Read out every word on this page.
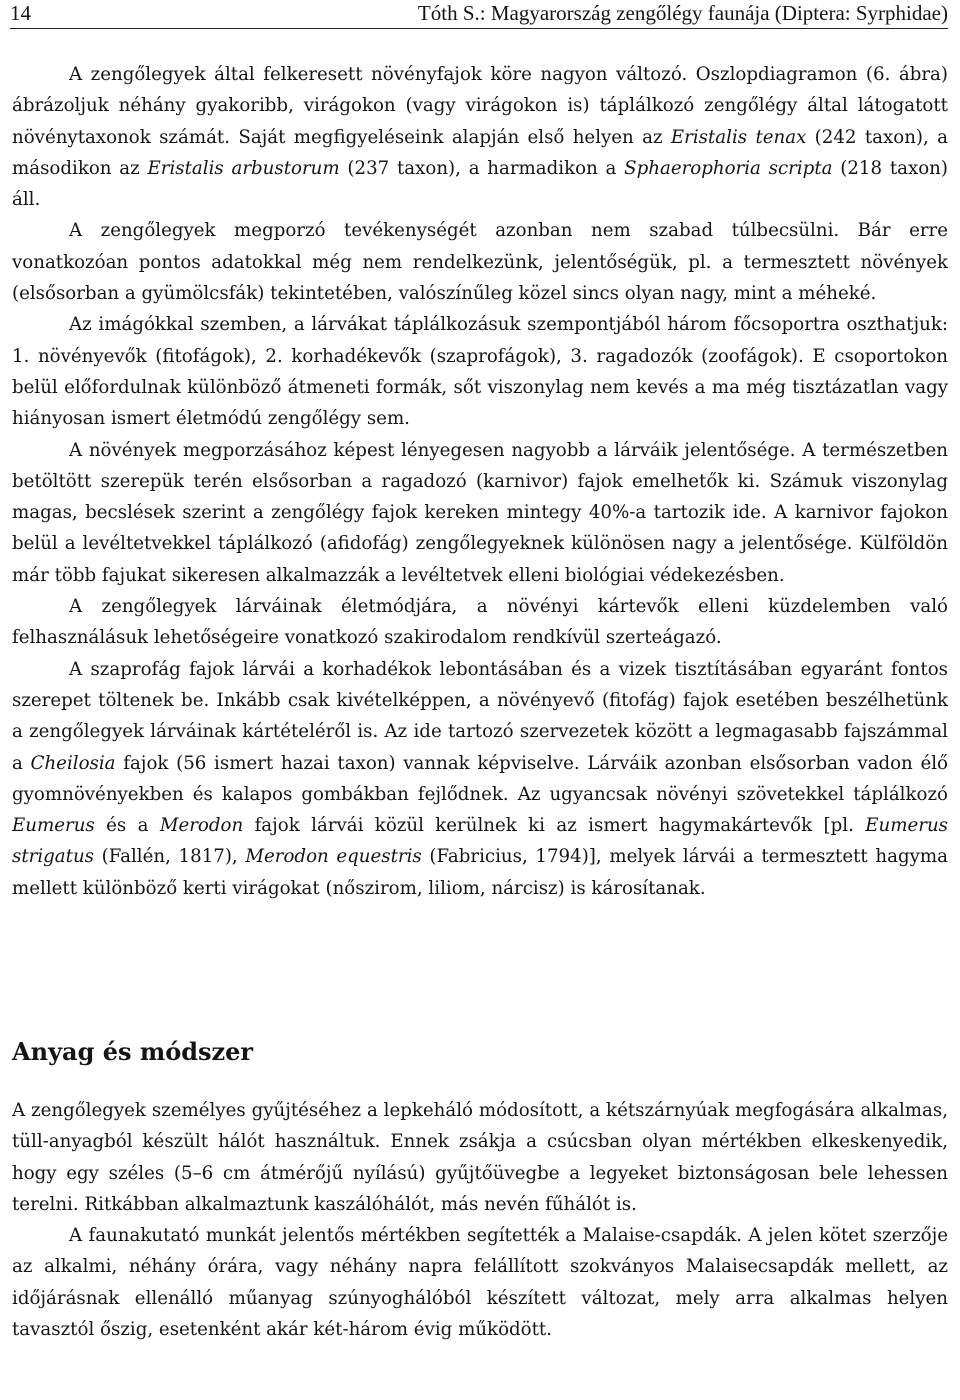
14	Tóth S.: Magyarország zengőlégy faunája (Diptera: Syrphidae)

A zengőlegyek által felkeresett növényfajok köre nagyon változó. Oszlopdiagramon (6. ábra) ábrázoljuk néhány gyakoribb, virágokon (vagy virágokon is) táplálkozó zengőlégy által látogatott növénytaxonok számát. Saját megfigyeléseink alapján első helyen az Eristalis tenax (242 taxon), a másodikon az Eristalis arbustorum (237 taxon), a harmadikon a Sphaerophoria scripta (218 taxon) áll.

A zengőlegyek megporzó tevékenységét azonban nem szabad túlbecsülni. Bár erre vonatkozóan pontos adatokkal még nem rendelkezünk, jelentőségük, pl. a termesztett növények (elsősorban a gyümölcsfák) tekintetében, valószínűleg közel sincs olyan nagy, mint a méheké.

Az imágókkal szemben, a lárvákat táplálkozásuk szempontjából három főcsoportra oszthatjuk: 1. növényevők (fitofágok), 2. korhadékevők (szaprofágok), 3. ragadozók (zoofágok). E csoportokon belül előfordulnak különböző átmeneti formák, sőt viszonylag nem kevés a ma még tisztázatlan vagy hiányosan ismert életmódú zengőlégy sem.

A növények megporzásához képest lényegesen nagyobb a lárváik jelentősége. A természetben betöltött szerepük terén elsősorban a ragadozó (karnivor) fajok emelhetők ki. Számuk viszonylag magas, becslések szerint a zengőlégy fajok kereken mintegy 40%-a tartozik ide. A karnivor fajokon belül a levéltetvekkel táplálkozó (afidofág) zengőlegyeknek különösen nagy a jelentősége. Külföldön már több fajukat sikeresen alkalmazzák a levéltetvek elleni biológiai védekezésben.

A zengőlegyek lárváinak életmódjára, a növényi kártevők elleni küzdelemben való felhasználásuk lehetőségeire vonatkozó szakirodalom rendkívül szerteágazó.

A szaprofág fajok lárvái a korhadékok lebontásában és a vizek tisztításában egyaránt fontos szerepet töltenek be. Inkább csak kivételképpen, a növényevő (fitofág) fajok esetében beszélhetünk a zengőlegyek lárváinak kártételéről is. Az ide tartozó szervezetek között a legmagasabb fajszámmal a Cheilosia fajok (56 ismert hazai taxon) vannak képviselve. Lárváik azonban elsősorban vadon élő gyomnövényekben és kalapos gombákban fejlődnek. Az ugyancsak növényi szövetekkel táplálkozó Eumerus és a Merodon fajok lárvái közül kerülnek ki az ismert hagymakártevők [pl. Eumerus strigatus (Fallén, 1817), Merodon equestris (Fabricius, 1794)], melyek lárvái a termesztett hagyma mellett különböző kerti virágokat (nőszirom, liliom, nárcisz) is károsítanak.

Anyag és módszer

A zengőlegyek személyes gyűjtéséhez a lepkeháló módosított, a kétszárnyúak megfogására alkalmas, tüll-anyagból készült hálót használtuk. Ennek zsákja a csúcsban olyan mértékben elkeskenyedik, hogy egy széles (5–6 cm átmérőjű nyílású) gyűjtőüvegbe a legyeket biztonságosan bele lehessen terelni. Ritkábban alkalmaztunk kaszálóhálót, más nevén fűhálót is.

A faunakutató munkát jelentős mértékben segítették a Malaise-csapdák. A jelen kötet szerzője az alkalmi, néhány órára, vagy néhány napra felállított szokványos Malaisecsapdák mellett, az időjárásnak ellenálló műanyag szúnyoghálóból készített változat, mely arra alkalmas helyen tavasztól őszig, esetenként akár két-három évig működött.
